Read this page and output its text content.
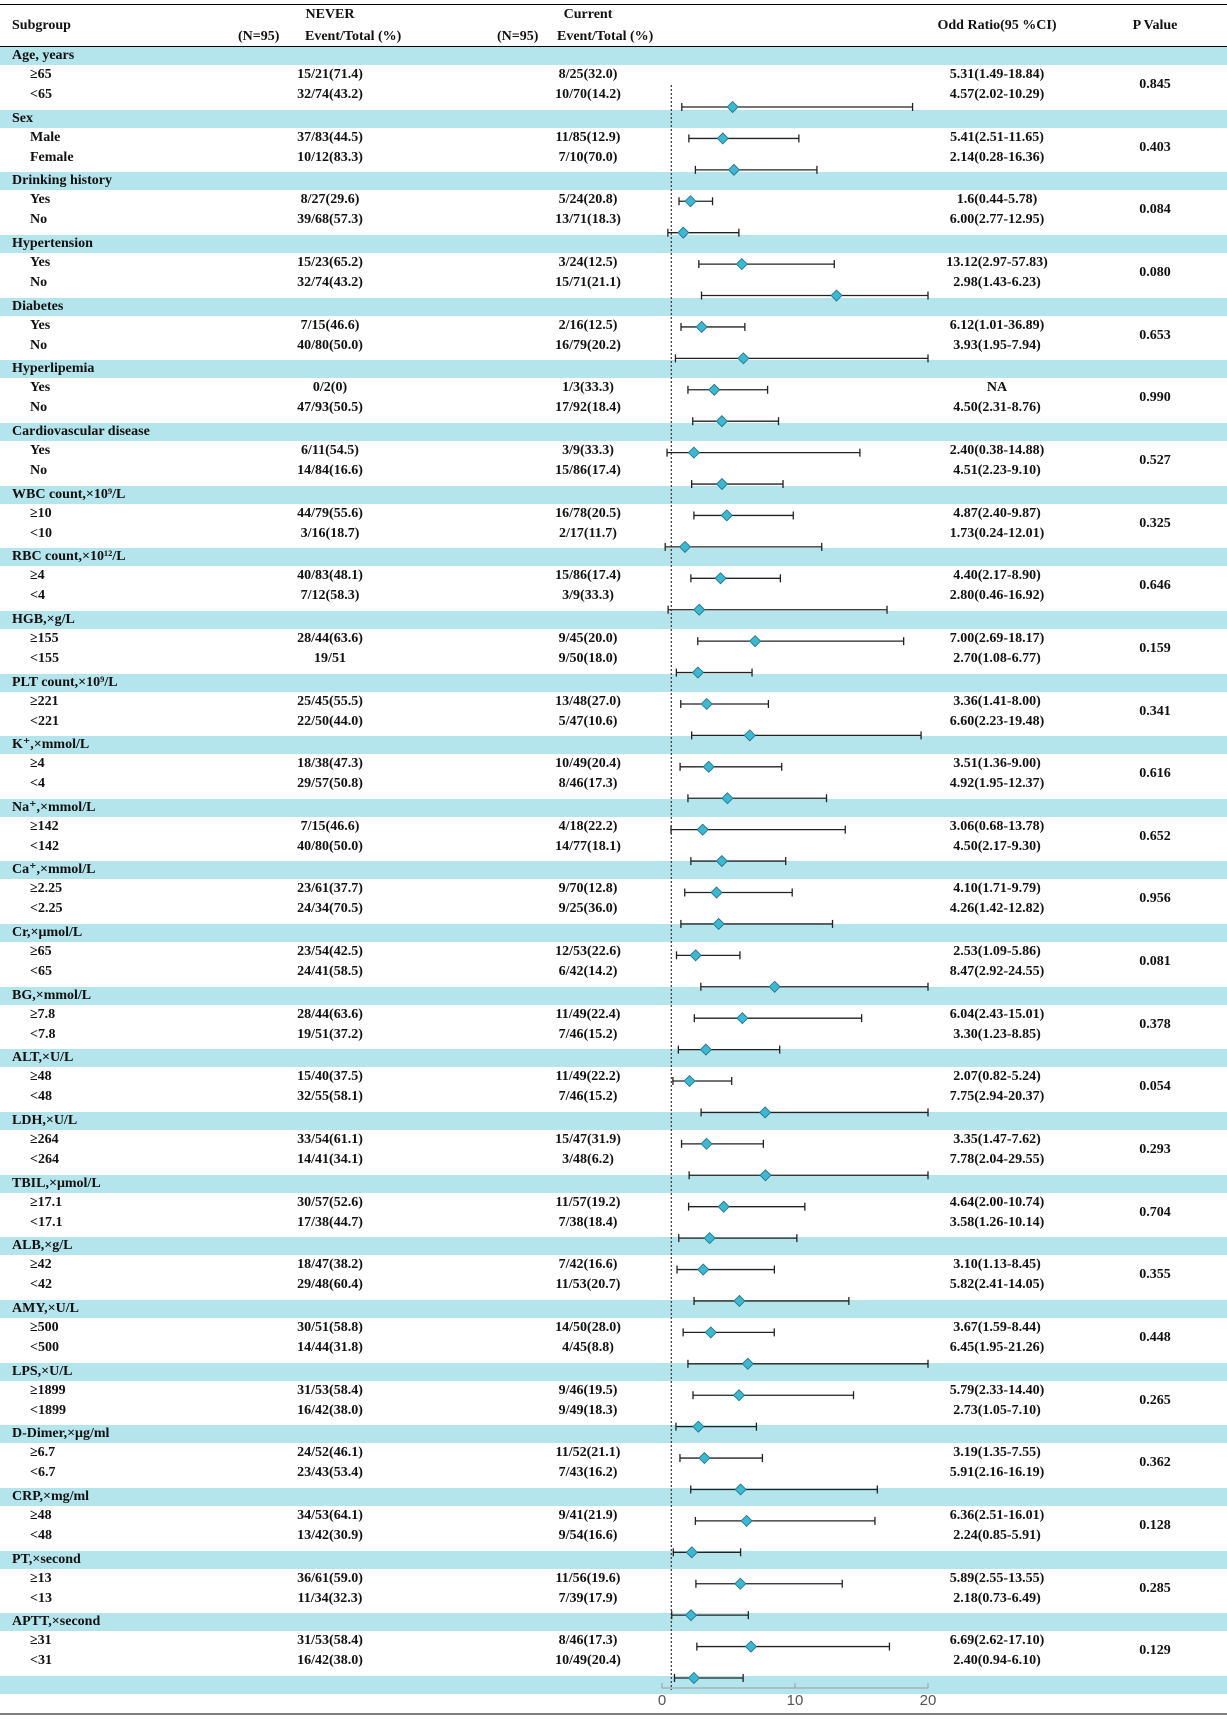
Subgroup
NEVER
(N=95) Event/Total (%)
Current
(N=95) Event/Total (%)
Odd Ratio(95 %CI)	P Value
Age, years
0.845
≥65	15/21(71.4)	8/25(32.0)	5.31(1.49-18.84)
<65	32/74(43.2)	10/70(14.2)	4.57(2.02-10.29)
Sex
0.403
Male	37/83(44.5)	11/85(12.9)	5.41(2.51-11.65)
Female	10/12(83.3)	7/10(70.0)	2.14(0.28-16.36)
Drinking history
0.084
Yes	8/27(29.6)	5/24(20.8)	1.6(0.44-5.78)
No	39/68(57.3)	13/71(18.3)	6.00(2.77-12.95)
Hypertension
0.080
Yes	15/23(65.2)	3/24(12.5)	13.12(2.97-57.83)
No	32/74(43.2)	15/71(21.1)	2.98(1.43-6.23)
Diabetes
0.653
Yes	7/15(46.6)	2/16(12.5)	6.12(1.01-36.89)
No	40/80(50.0)	16/79(20.2)	3.93(1.95-7.94)
Hyperlipemia
0.990
Yes	0/2(0)	1/3(33.3)	NA
No	47/93(50.5)	17/92(18.4)	4.50(2.31-8.76)
Cardiovascular disease
0.527
Yes	6/11(54.5)	3/9(33.3)	2.40(0.38-14.88)
No	14/84(16.6)	15/86(17.4)	4.51(2.23-9.10)
WBC count,×10⁹/L
0.325
≥10	44/79(55.6)	16/78(20.5)	4.87(2.40-9.87)
<10	3/16(18.7)	2/17(11.7)	1.73(0.24-12.01)
RBC count,×10¹²/L
0.646
≥4	40/83(48.1)	15/86(17.4)	4.40(2.17-8.90)
<4	7/12(58.3)	3/9(33.3)	2.80(0.46-16.92)
HGB,×g/L
0.159
≥155	28/44(63.6)	9/45(20.0)	7.00(2.69-18.17)
<155	19/51	9/50(18.0)	2.70(1.08-6.77)
PLT count,×10⁹/L
0.341
≥221	25/45(55.5)	13/48(27.0)	3.36(1.41-8.00)
<221	22/50(44.0)	5/47(10.6)	6.60(2.23-19.48)
K⁺,×mmol/L
0.616
≥4	18/38(47.3)	10/49(20.4)	3.51(1.36-9.00)
<4	29/57(50.8)	8/46(17.3)	4.92(1.95-12.37)
Na⁺,×mmol/L
0.652
≥142	7/15(46.6)	4/18(22.2)	3.06(0.68-13.78)
<142	40/80(50.0)	14/77(18.1)	4.50(2.17-9.30)
Ca⁺,×mmol/L
0.956
≥2.25	23/61(37.7)	9/70(12.8)	4.10(1.71-9.79)
<2.25	24/34(70.5)	9/25(36.0)	4.26(1.42-12.82)
Cr,×μmol/L
0.081
≥65	23/54(42.5)	12/53(22.6)	2.53(1.09-5.86)
<65	24/41(58.5)	6/42(14.2)	8.47(2.92-24.55)
BG,×mmol/L
0.378
≥7.8	28/44(63.6)	11/49(22.4)	6.04(2.43-15.01)
<7.8	19/51(37.2)	7/46(15.2)	3.30(1.23-8.85)
ALT,×U/L
0.054
≥48	15/40(37.5)	11/49(22.2)	2.07(0.82-5.24)
<48	32/55(58.1)	7/46(15.2)	7.75(2.94-20.37)
LDH,×U/L
0.293
≥264	33/54(61.1)	15/47(31.9)	3.35(1.47-7.62)
<264	14/41(34.1)	3/48(6.2)	7.78(2.04-29.55)
TBIL,×μmol/L
0.704
≥17.1	30/57(52.6)	11/57(19.2)	4.64(2.00-10.74)
<17.1	17/38(44.7)	7/38(18.4)	3.58(1.26-10.14)
ALB,×g/L
0.355
≥42	18/47(38.2)	7/42(16.6)	3.10(1.13-8.45)
<42	29/48(60.4)	11/53(20.7)	5.82(2.41-14.05)
AMY,×U/L
0.448
≥500	30/51(58.8)	14/50(28.0)	3.67(1.59-8.44)
<500	14/44(31.8)	4/45(8.8)	6.45(1.95-21.26)
LPS,×U/L
0.265
≥1899	31/53(58.4)	9/46(19.5)	5.79(2.33-14.40)
<1899	16/42(38.0)	9/49(18.3)	2.73(1.05-7.10)
D-Dimer,×μg/ml
0.362
≥6.7	24/52(46.1)	11/52(21.1)	3.19(1.35-7.55)
<6.7	23/43(53.4)	7/43(16.2)	5.91(2.16-16.19)
CRP,×mg/ml
0.128
≥48	34/53(64.1)	9/41(21.9)	6.36(2.51-16.01)
<48	13/42(30.9)	9/54(16.6)	2.24(0.85-5.91)
PT,×second
0.285
≥13	36/61(59.0)	11/56(19.6)	5.89(2.55-13.55)
<13	11/34(32.3)	7/39(17.9)	2.18(0.73-6.49)
APTT,×second
0.129
≥31	31/53(58.4)	8/46(17.3)	6.69(2.62-17.10)
<31	16/42(38.0)	10/49(20.4)	2.40(0.94-6.10)
0	10	20
